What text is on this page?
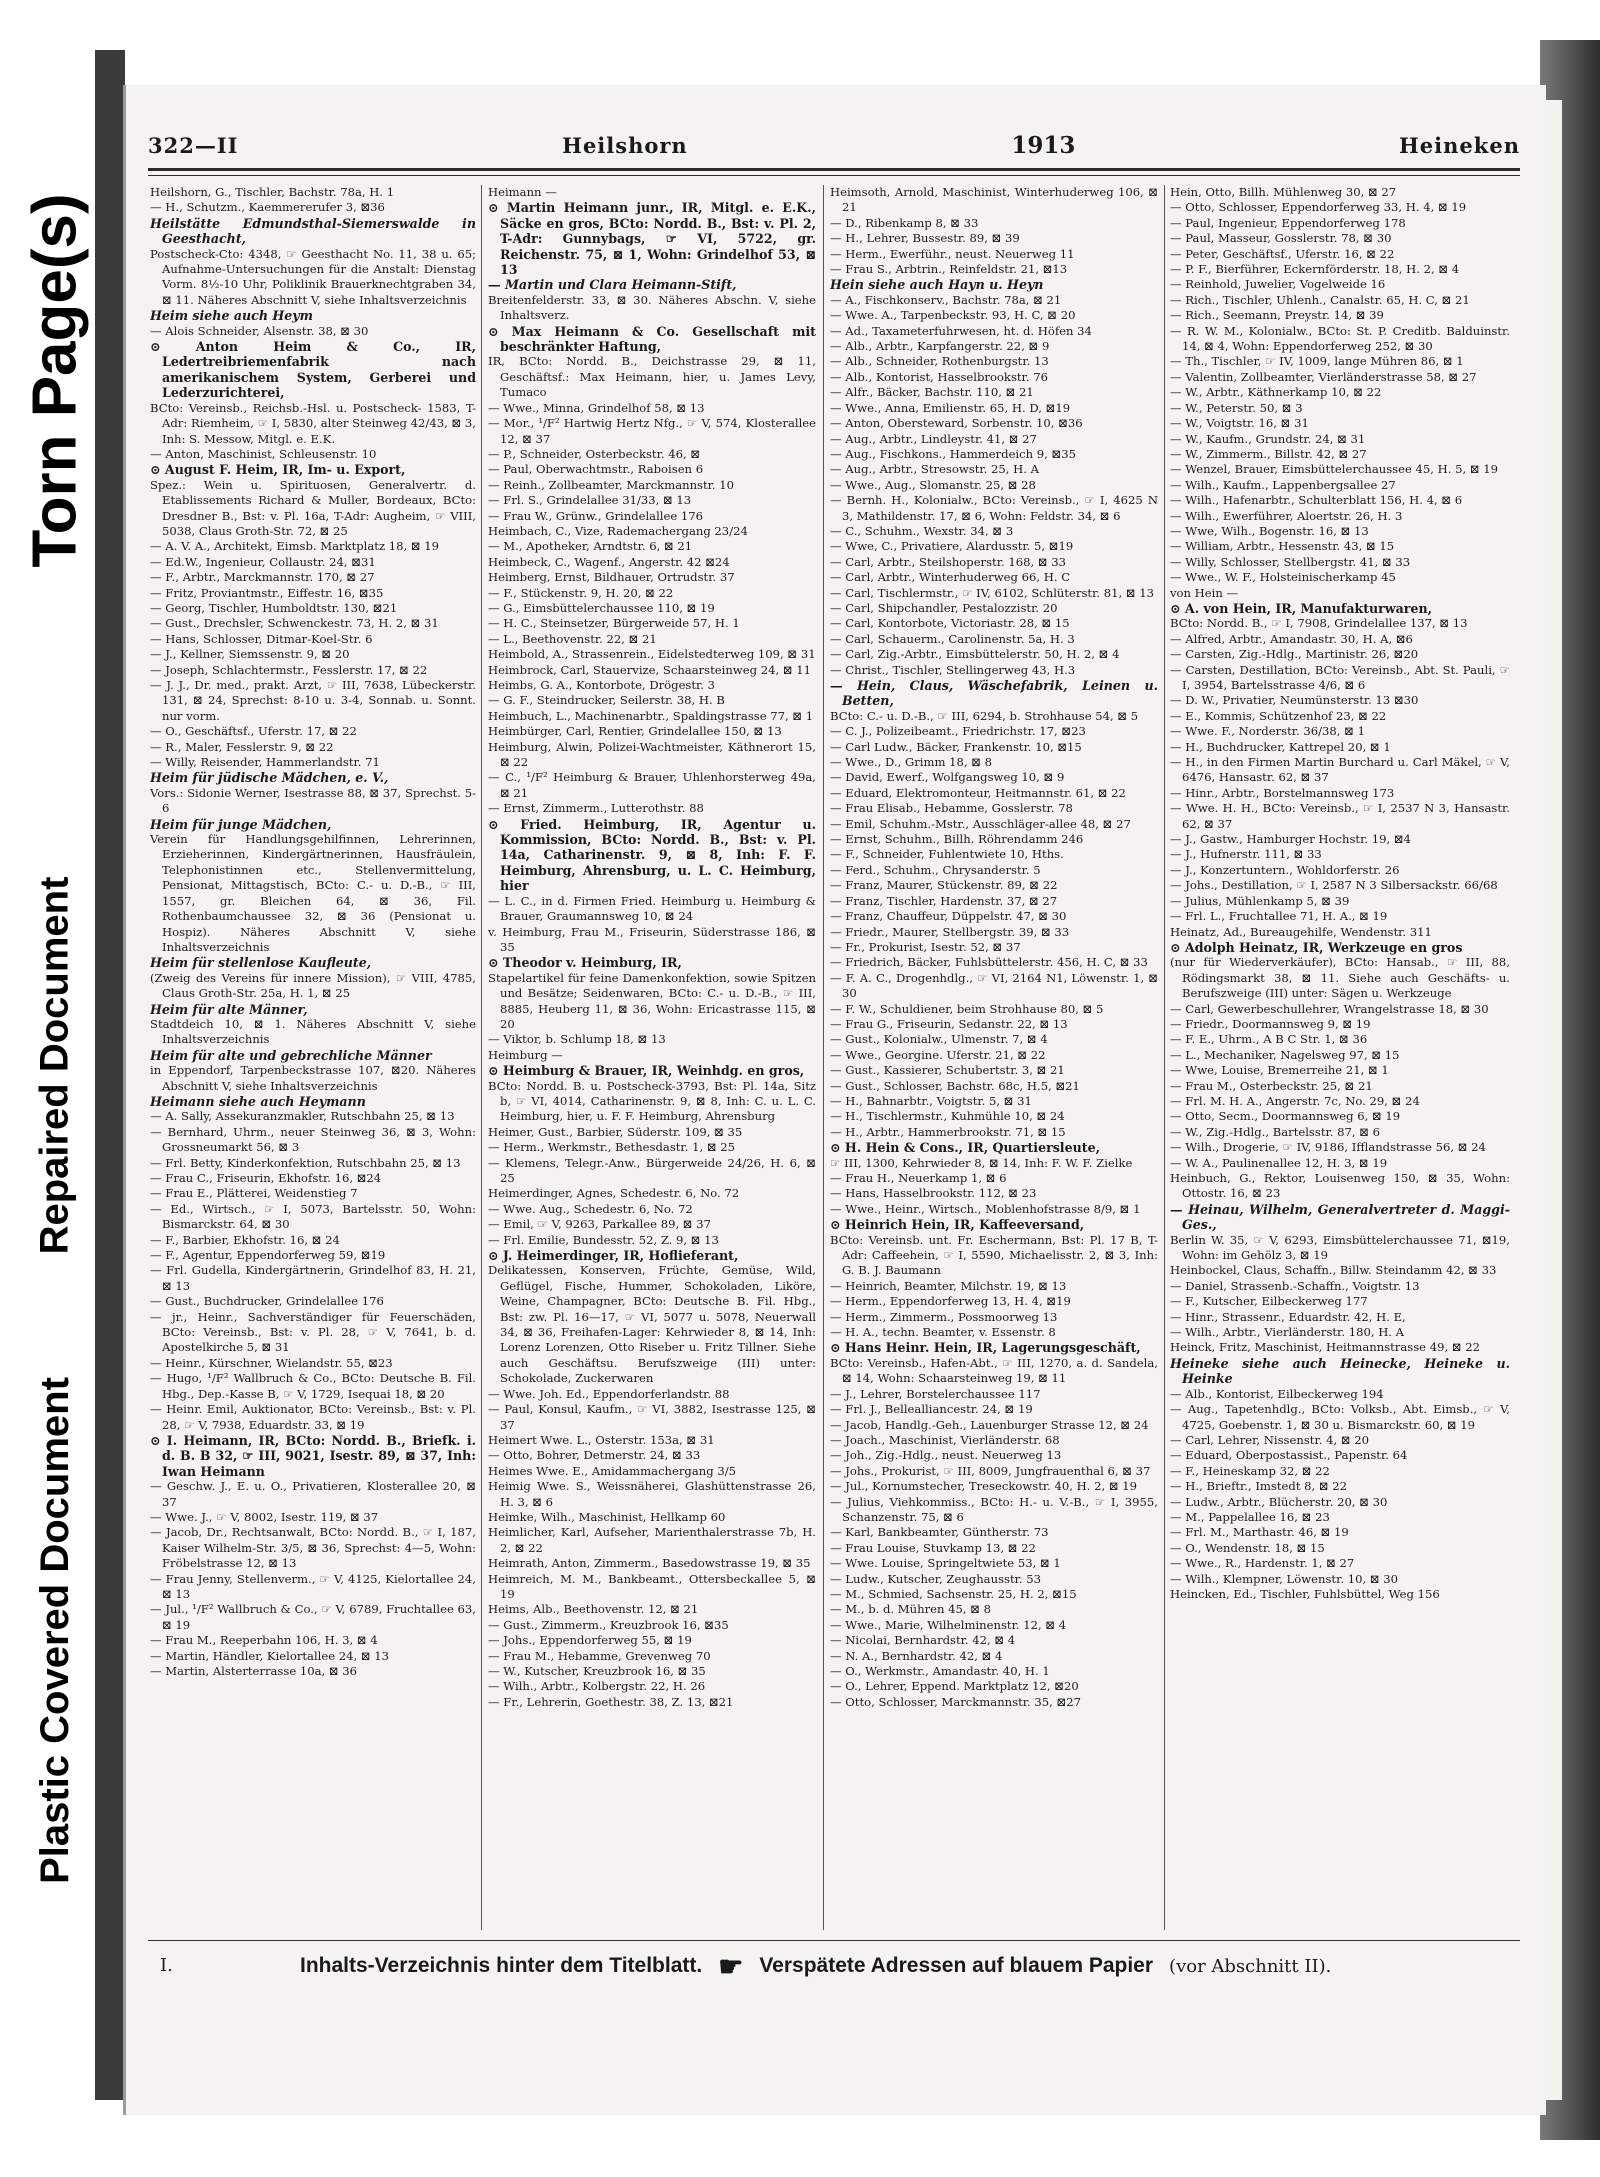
Plastic Covered Document
Repaired Document
Torn Page(s)
322—II	Heilshorn	1913	Heineken

Heilshorn, G., Tischler, Bachstr. 78a, H. 1

— H., Schutzm., Kaemmererufer 3, ⊠36

Heilstätte Edmundsthal-Siemerswalde in Geesthacht,

Postscheck-Cto: 4348, ☞ Geesthacht No. 11, 38 u. 65; Aufnahme-Untersuchungen für die Anstalt: Dienstag Vorm. 8½-10 Uhr, Poliklinik Brauerknechtgraben 34, ⊠ 11. Näheres Abschnitt V, siehe Inhaltsverzeichnis

Heim siehe auch Heym

— Alois Schneider, Alsenstr. 38, ⊠ 30

⊙ Anton Heim & Co., IR, Ledertreibriemenfabrik nach amerikanischem System, Gerberei und Lederzurichterei,

BCto: Vereinsb., Reichsb.-Hsl. u. Postscheck- 1583, T-Adr: Riemheim, ☞ I, 5830, alter Steinweg 42/43, ⊠ 3, Inh: S. Messow, Mitgl. e. E.K.

— Anton, Maschinist, Schleusenstr. 10

⊙ August F. Heim, IR, Im- u. Export,

Spez.: Wein u. Spirituosen, Generalvertr. d. Etablissements Richard & Muller, Bordeaux, BCto: Dresdner B., Bst: v. Pl. 16a, T-Adr: Augheim, ☞ VIII, 5038, Claus Groth-Str. 72, ⊠ 25

— A. V. A., Architekt, Eimsb. Marktplatz 18, ⊠ 19

— Ed.W., Ingenieur, Collaustr. 24, ⊠31

— F., Arbtr., Marckmannstr. 170, ⊠ 27

— Fritz, Proviantmstr., Eiffestr. 16, ⊠35

— Georg, Tischler, Humboldtstr. 130, ⊠21

— Gust., Drechsler, Schwenckestr. 73, H. 2, ⊠ 31

— Hans, Schlosser, Ditmar-Koel-Str. 6

— J., Kellner, Siemssenstr. 9, ⊠ 20

— Joseph, Schlachtermstr., Fesslerstr. 17, ⊠ 22

— J. J., Dr. med., prakt. Arzt, ☞ III, 7638, Lübeckerstr. 131, ⊠ 24, Sprechst: 8-10 u. 3-4, Sonnab. u. Sonnt. nur vorm.

— O., Geschäftsf., Uferstr. 17, ⊠ 22

— R., Maler, Fesslerstr. 9, ⊠ 22

— Willy, Reisender, Hammerlandstr. 71

Heim für jüdische Mädchen, e. V.,

Vors.: Sidonie Werner, Isestrasse 88, ⊠ 37, Sprechst. 5-6

Heim für junge Mädchen,

Verein für Handlungsgehilfinnen, Lehrerinnen, Erzieherinnen, Kindergärtnerinnen, Hausfräulein, Telephonistinnen etc., Stellenvermittelung, Pensionat, Mittagstisch, BCto: C.- u. D.-B., ☞ III, 1557, gr. Bleichen 64, ⊠ 36, Fil. Rothenbaumchaussee 32, ⊠ 36 (Pensionat u. Hospiz). Näheres Abschnitt V, siehe Inhaltsverzeichnis

Heim für stellenlose Kaufleute,

(Zweig des Vereins für innere Mission), ☞ VIII, 4785, Claus Groth-Str. 25a, H. 1, ⊠ 25

Heim für alte Männer,

Stadtdeich 10, ⊠ 1. Näheres Abschnitt V, siehe Inhaltsverzeichnis

Heim für alte und gebrechliche Männer

in Eppendorf, Tarpenbeckstrasse 107, ⊠20. Näheres Abschnitt V, siehe Inhaltsverzeichnis

Heimann siehe auch Heymann

— A. Sally, Assekuranzmakler, Rutschbahn 25, ⊠ 13

— Bernhard, Uhrm., neuer Steinweg 36, ⊠ 3, Wohn: Grossneumarkt 56, ⊠ 3

— Frl. Betty, Kinderkonfektion, Rutschbahn 25, ⊠ 13

— Frau C., Friseurin, Ekhofstr. 16, ⊠24

— Frau E., Plätterei, Weidenstieg 7

— Ed., Wirtsch., ☞ I, 5073, Bartelsstr. 50, Wohn: Bismarckstr. 64, ⊠ 30

— F., Barbier, Ekhofstr. 16, ⊠ 24

— F., Agentur, Eppendorferweg 59, ⊠19

— Frl. Gudella, Kindergärtnerin, Grindelhof 83, H. 21, ⊠ 13

— Gust., Buchdrucker, Grindelallee 176

— jr., Heinr., Sachverständiger für Feuerschäden, BCto: Vereinsb., Bst: v. Pl. 28, ☞ V, 7641, b. d. Apostelkirche 5, ⊠ 31

— Heinr., Kürschner, Wielandstr. 55, ⊠23

— Hugo, ¹/F² Wallbruch & Co., BCto: Deutsche B. Fil. Hbg., Dep.-Kasse B, ☞ V, 1729, Isequai 18, ⊠ 20

— Heinr. Emil, Auktionator, BCto: Vereinsb., Bst: v. Pl. 28, ☞ V, 7938, Eduardstr. 33, ⊠ 19

⊙ I. Heimann, IR, BCto: Nordd. B., Briefk. i. d. B. B 32, ☞ III, 9021, Isestr. 89, ⊠ 37, Inh: Iwan Heimann

— Geschw. J., E. u. O., Privatieren, Klosterallee 20, ⊠ 37

— Wwe. J., ☞ V, 8002, Isestr. 119, ⊠ 37

— Jacob, Dr., Rechtsanwalt, BCto: Nordd. B., ☞ I, 187, Kaiser Wilhelm-Str. 3/5, ⊠ 36, Sprechst: 4—5, Wohn: Fröbelstrasse 12, ⊠ 13

— Frau Jenny, Stellenverm., ☞ V, 4125, Kielortallee 24, ⊠ 13

— Jul., ¹/F² Wallbruch & Co., ☞ V, 6789, Fruchtallee 63, ⊠ 19

— Frau M., Reeperbahn 106, H. 3, ⊠ 4

— Martin, Händler, Kielortallee 24, ⊠ 13

— Martin, Alsterterrasse 10a, ⊠ 36

Heimann —

⊙ Martin Heimann junr., IR, Mitgl. e. E.K., Säcke en gros, BCto: Nordd. B., Bst: v. Pl. 2, T-Adr: Gunnybags, ☞ VI, 5722, gr. Reichenstr. 75, ⊠ 1, Wohn: Grindelhof 53, ⊠ 13

— Martin und Clara Heimann-Stift,

Breitenfelderstr. 33, ⊠ 30. Näheres Abschn. V, siehe Inhaltsverz.

⊙ Max Heimann & Co. Gesellschaft mit beschränkter Haftung,

IR, BCto: Nordd. B., Deichstrasse 29, ⊠ 11, Geschäftsf.: Max Heimann, hier, u. James Levy, Tumaco

— Wwe., Minna, Grindelhof 58, ⊠ 13

— Mor., ¹/F² Hartwig Hertz Nfg., ☞ V, 574, Klosterallee 12, ⊠ 37

— P., Schneider, Osterbeckstr. 46, ⊠

— Paul, Oberwachtmstr., Raboisen 6

— Reinh., Zollbeamter, Marckmannstr. 10

— Frl. S., Grindelallee 31/33, ⊠ 13

— Frau W., Grünw., Grindelallee 176

Heimbach, C., Vize, Rademachergang 23/24

— M., Apotheker, Arndtstr. 6, ⊠ 21

Heimbeck, C., Wagenf., Angerstr. 42 ⊠24

Heimberg, Ernst, Bildhauer, Ortrudstr. 37

— F., Stückenstr. 9, H. 20, ⊠ 22

— G., Eimsbüttelerchaussee 110, ⊠ 19

— H. C., Steinsetzer, Bürgerweide 57, H. 1

— L., Beethovenstr. 22, ⊠ 21

Heimbold, A., Strassenrein., Eidelstedterweg 109, ⊠ 31

Heimbrock, Carl, Stauervize, Schaarsteinweg 24, ⊠ 11

Heimbs, G. A., Kontorbote, Drögestr. 3

— G. F., Steindrucker, Seilerstr. 38, H. B

Heimbuch, L., Machinenarbtr., Spaldingstrasse 77, ⊠ 1

Heimbürger, Carl, Rentier, Grindelallee 150, ⊠ 13

Heimburg, Alwin, Polizei-Wachtmeister, Käthnerort 15, ⊠ 22

— C., ¹/F² Heimburg & Brauer, Uhlenhorsterweg 49a, ⊠ 21

— Ernst, Zimmerm., Lutterothstr. 88

⊙ Fried. Heimburg, IR, Agentur u. Kommission, BCto: Nordd. B., Bst: v. Pl. 14a, Catharinenstr. 9, ⊠ 8, Inh: F. F. Heimburg, Ahrensburg, u. L. C. Heimburg, hier

— L. C., in d. Firmen Fried. Heimburg u. Heimburg & Brauer, Graumannsweg 10, ⊠ 24

v. Heimburg, Frau M., Friseurin, Süderstrasse 186, ⊠ 35

⊙ Theodor v. Heimburg, IR,

Stapelartikel für feine Damenkonfektion, sowie Spitzen und Besätze; Seidenwaren, BCto: C.- u. D.-B., ☞ III, 8885, Heuberg 11, ⊠ 36, Wohn: Ericastrasse 115, ⊠ 20

— Viktor, b. Schlump 18, ⊠ 13

Heimburg —

⊙ Heimburg & Brauer, IR, Weinhdg. en gros,

BCto: Nordd. B. u. Postscheck-3793, Bst: Pl. 14a, Sitz b, ☞ VI, 4014, Catharinenstr. 9, ⊠ 8, Inh: C. u. L. C. Heimburg, hier, u. F. F. Heimburg, Ahrensburg

Heimer, Gust., Barbier, Süderstr. 109, ⊠ 35

— Herm., Werkmstr., Bethesdastr. 1, ⊠ 25

— Klemens, Telegr.-Anw., Bürgerweide 24/26, H. 6, ⊠ 25

Heimerdinger, Agnes, Schedestr. 6, No. 72

— Wwe. Aug., Schedestr. 6, No. 72

— Emil, ☞ V, 9263, Parkallee 89, ⊠ 37

— Frl. Emilie, Bundesstr. 52, Z. 9, ⊠ 13

⊙ J. Heimerdinger, IR, Hoflieferant,

Delikatessen, Konserven, Früchte, Gemüse, Wild, Geflügel, Fische, Hummer, Schokoladen, Liköre, Weine, Champagner, BCto: Deutsche B. Fil. Hbg., Bst: zw. Pl. 16—17, ☞ VI, 5077 u. 5078, Neuerwall 34, ⊠ 36, Freihafen-Lager: Kehrwieder 8, ⊠ 14, Inh: Lorenz Lorenzen, Otto Riseber u. Fritz Tillner. Siehe auch Geschäftsu. Berufszweige (III) unter: Schokolade, Zuckerwaren

— Wwe. Joh. Ed., Eppendorferlandstr. 88

— Paul, Konsul, Kaufm., ☞ VI, 3882, Isestrasse 125, ⊠ 37

Heimert Wwe. L., Osterstr. 153a, ⊠ 31

— Otto, Bohrer, Detmerstr. 24, ⊠ 33

Heimes Wwe. E., Amidammachergang 3/5

Heimig Wwe. S., Weissnäherei, Glashüttenstrasse 26, H. 3, ⊠ 6

Heimke, Wilh., Maschinist, Hellkamp 60

Heimlicher, Karl, Aufseher, Marienthalerstrasse 7b, H. 2, ⊠ 22

Heimrath, Anton, Zimmerm., Basedowstrasse 19, ⊠ 35

Heimreich, M. M., Bankbeamt., Ottersbeckallee 5, ⊠ 19

Heims, Alb., Beethovenstr. 12, ⊠ 21

— Gust., Zimmerm., Kreuzbrook 16, ⊠35

— Johs., Eppendorferweg 55, ⊠ 19

— Frau M., Hebamme, Grevenweg 70

— W., Kutscher, Kreuzbrook 16, ⊠ 35

— Wilh., Arbtr., Kolbergstr. 22, H. 26

— Fr., Lehrerin, Goethestr. 38, Z. 13, ⊠21

Heimsoth, Arnold, Maschinist, Winterhuderweg 106, ⊠ 21

— D., Ribenkamp 8, ⊠ 33

— H., Lehrer, Bussestr. 89, ⊠ 39

— Herm., Ewerführ., neust. Neuerweg 11

— Frau S., Arbtrin., Reinfeldstr. 21, ⊠13

Hein siehe auch Hayn u. Heyn

— A., Fischkonserv., Bachstr. 78a, ⊠ 21

— Wwe. A., Tarpenbeckstr. 93, H. C, ⊠ 20

— Ad., Taxameterfuhrwesen, ht. d. Höfen 34

— Alb., Arbtr., Karpfangerstr. 22, ⊠ 9

— Alb., Schneider, Rothenburgstr. 13

— Alb., Kontorist, Hasselbrookstr. 76

— Alfr., Bäcker, Bachstr. 110, ⊠ 21

— Wwe., Anna, Emilienstr. 65, H. D, ⊠19

— Anton, Obersteward, Sorbenstr. 10, ⊠36

— Aug., Arbtr., Lindleystr. 41, ⊠ 27

— Aug., Fischkons., Hammerdeich 9, ⊠35

— Aug., Arbtr., Stresowstr. 25, H. A

— Wwe., Aug., Slomanstr. 25, ⊠ 28

— Bernh. H., Kolonialw., BCto: Vereinsb., ☞ I, 4625 N 3, Mathildenstr. 17, ⊠ 6, Wohn: Feldstr. 34, ⊠ 6

— C., Schuhm., Wexstr. 34, ⊠ 3

— Wwe, C., Privatiere, Alardusstr. 5, ⊠19

— Carl, Arbtr., Steilshoperstr. 168, ⊠ 33

— Carl, Arbtr., Winterhuderweg 66, H. C

— Carl, Tischlermstr., ☞ IV, 6102, Schlüterstr. 81, ⊠ 13

— Carl, Shipchandler, Pestalozzistr. 20

— Carl, Kontorbote, Victoriastr. 28, ⊠ 15

— Carl, Schauerm., Carolinenstr. 5a, H. 3

— Carl, Zig.-Arbtr., Eimsbüttelerstr. 50, H. 2, ⊠ 4

— Christ., Tischler, Stellingerweg 43, H.3

— Hein, Claus, Wäschefabrik, Leinen u. Betten,

BCto: C.- u. D.-B., ☞ III, 6294, b. Strohhause 54, ⊠ 5

— C. J., Polizeibeamt., Friedrichstr. 17, ⊠23

— Carl Ludw., Bäcker, Frankenstr. 10, ⊠15

— Wwe., D., Grimm 18, ⊠ 8

— David, Ewerf., Wolfgangsweg 10, ⊠ 9

— Eduard, Elektromonteur, Heitmannstr. 61, ⊠ 22

— Frau Elisab., Hebamme, Gosslerstr. 78

— Emil, Schuhm.-Mstr., Ausschläger-allee 48, ⊠ 27

— Ernst, Schuhm., Billh. Röhrendamm 246

— F., Schneider, Fuhlentwiete 10, Hths.

— Ferd., Schuhm., Chrysanderstr. 5

— Franz, Maurer, Stückenstr. 89, ⊠ 22

— Franz, Tischler, Hardenstr. 37, ⊠ 27

— Franz, Chauffeur, Düppelstr. 47, ⊠ 30

— Friedr., Maurer, Stellbergstr. 39, ⊠ 33

— Fr., Prokurist, Isestr. 52, ⊠ 37

— Friedrich, Bäcker, Fuhlsbüttelerstr. 456, H. C, ⊠ 33

— F. A. C., Drogenhdlg., ☞ VI, 2164 N1, Löwenstr. 1, ⊠ 30

— F. W., Schuldiener, beim Strohhause 80, ⊠ 5

— Frau G., Friseurin, Sedanstr. 22, ⊠ 13

— Gust., Kolonialw., Ulmenstr. 7, ⊠ 4

— Wwe., Georgine. Uferstr. 21, ⊠ 22

— Gust., Kassierer, Schubertstr. 3, ⊠ 21

— Gust., Schlosser, Bachstr. 68c, H.5, ⊠21

— H., Bahnarbtr., Voigtstr. 5, ⊠ 31

— H., Tischlermstr., Kuhmühle 10, ⊠ 24

— H., Arbtr., Hammerbrookstr. 71, ⊠ 15

⊙ H. Hein & Cons., IR, Quartiersleute,

☞ III, 1300, Kehrwieder 8, ⊠ 14, Inh: F. W. F. Zielke

— Frau H., Neuerkamp 1, ⊠ 6

— Hans, Hasselbrookstr. 112, ⊠ 23

— Wwe., Heinr., Wirtsch., Moblenhofstrasse 8/9, ⊠ 1

⊙ Heinrich Hein, IR, Kaffeeversand,

BCto: Vereinsb. unt. Fr. Eschermann, Bst: Pl. 17 B, T-Adr: Caffeehein, ☞ I, 5590, Michaelisstr. 2, ⊠ 3, Inh: G. B. J. Baumann

— Heinrich, Beamter, Milchstr. 19, ⊠ 13

— Herm., Eppendorferweg 13, H. 4, ⊠19

— Herm., Zimmerm., Possmoorweg 13

— H. A., techn. Beamter, v. Essenstr. 8

⊙ Hans Heinr. Hein, IR, Lagerungsgeschäft,

BCto: Vereinsb., Hafen-Abt., ☞ III, 1270, a. d. Sandela, ⊠ 14, Wohn: Schaarsteinweg 19, ⊠ 11

— J., Lehrer, Borstelerchaussee 117

— Frl. J., Bellealliancestr. 24, ⊠ 19

— Jacob, Handlg.-Geh., Lauenburger Strasse 12, ⊠ 24

— Joach., Maschinist, Vierländerstr. 68

— Joh., Zig.-Hdlg., neust. Neuerweg 13

— Johs., Prokurist, ☞ III, 8009, Jungfrauenthal 6, ⊠ 37

— Jul., Kornumstecher, Treseckowstr. 40, H. 2, ⊠ 19

— Julius, Viehkommiss., BCto: H.- u. V.-B., ☞ I, 3955, Schanzenstr. 75, ⊠ 6

— Karl, Bankbeamter, Güntherstr. 73

— Frau Louise, Stuvkamp 13, ⊠ 22

— Wwe. Louise, Springeltwiete 53, ⊠ 1

— Ludw., Kutscher, Zeughausstr. 53

— M., Schmied, Sachsenstr. 25, H. 2, ⊠15

— M., b. d. Mühren 45, ⊠ 8

— Wwe., Marie, Wilhelminenstr. 12, ⊠ 4

— Nicolai, Bernhardstr. 42, ⊠ 4

— N. A., Bernhardstr. 42, ⊠ 4

— O., Werkmstr., Amandastr. 40, H. 1

— O., Lehrer, Eppend. Marktplatz 12, ⊠20

— Otto, Schlosser, Marckmannstr. 35, ⊠27

Hein, Otto, Billh. Mühlenweg 30, ⊠ 27

— Otto, Schlosser, Eppendorferweg 33, H. 4, ⊠ 19

— Paul, Ingenieur, Eppendorferweg 178

— Paul, Masseur, Gosslerstr. 78, ⊠ 30

— Peter, Geschäftsf., Uferstr. 16, ⊠ 22

— P. F., Bierführer, Eckernförderstr. 18, H. 2, ⊠ 4

— Reinhold, Juwelier, Vogelweide 16

— Rich., Tischler, Uhlenh., Canalstr. 65, H. C, ⊠ 21

— Rich., Seemann, Preystr. 14, ⊠ 39

— R. W. M., Kolonialw., BCto: St. P. Creditb. Balduinstr. 14, ⊠ 4, Wohn: Eppendorferweg 252, ⊠ 30

— Th., Tischler, ☞ IV, 1009, lange Mühren 86, ⊠ 1

— Valentin, Zollbeamter, Vierländerstrasse 58, ⊠ 27

— W., Arbtr., Käthnerkamp 10, ⊠ 22

— W., Peterstr. 50, ⊠ 3

— W., Voigtstr. 16, ⊠ 31

— W., Kaufm., Grundstr. 24, ⊠ 31

— W., Zimmerm., Billstr. 42, ⊠ 27

— Wenzel, Brauer, Eimsbüttelerchaussee 45, H. 5, ⊠ 19

— Wilh., Kaufm., Lappenbergsallee 27

— Wilh., Hafenarbtr., Schulterblatt 156, H. 4, ⊠ 6

— Wilh., Ewerführer, Aloertstr. 26, H. 3

— Wwe, Wilh., Bogenstr. 16, ⊠ 13

— William, Arbtr., Hessenstr. 43, ⊠ 15

— Willy, Schlosser, Stellbergstr. 41, ⊠ 33

— Wwe., W. F., Holsteinischerkamp 45

von Hein —

⊙ A. von Hein, IR, Manufakturwaren,

BCto: Nordd. B., ☞ I, 7908, Grindelallee 137, ⊠ 13

— Alfred, Arbtr., Amandastr. 30, H. A, ⊠6

— Carsten, Zig.-Hdlg., Martinistr. 26, ⊠20

— Carsten, Destillation, BCto: Vereinsb., Abt. St. Pauli, ☞ I, 3954, Bartelsstrasse 4/6, ⊠ 6

— D. W., Privatier, Neumünsterstr. 13 ⊠30

— E., Kommis, Schützenhof 23, ⊠ 22

— Wwe. F., Norderstr. 36/38, ⊠ 1

— H., Buchdrucker, Kattrepel 20, ⊠ 1

— H., in den Firmen Martin Burchard u. Carl Mäkel, ☞ V, 6476, Hansastr. 62, ⊠ 37

— Hinr., Arbtr., Borstelmannsweg 173

— Wwe. H. H., BCto: Vereinsb., ☞ I, 2537 N 3, Hansastr. 62, ⊠ 37

— J., Gastw., Hamburger Hochstr. 19, ⊠4

— J., Hufnerstr. 111, ⊠ 33

— J., Konzertuntern., Wohldorferstr. 26

— Johs., Destillation, ☞ I, 2587 N 3 Silbersackstr. 66/68

— Julius, Mühlenkamp 5, ⊠ 39

— Frl. L., Fruchtallee 71, H. A., ⊠ 19

Heinatz, Ad., Bureaugehilfe, Wendenstr. 311

⊙ Adolph Heinatz, IR, Werkzeuge en gros

(nur für Wiederverkäufer), BCto: Hansab., ☞ III, 88, Rödingsmarkt 38, ⊠ 11. Siehe auch Geschäfts- u. Berufszweige (III) unter: Sägen u. Werkzeuge

— Carl, Gewerbeschullehrer, Wrangelstrasse 18, ⊠ 30

— Friedr., Doormannsweg 9, ⊠ 19

— F. E., Uhrm., A B C Str. 1, ⊠ 36

— L., Mechaniker, Nagelsweg 97, ⊠ 15

— Wwe, Louise, Bremerreihe 21, ⊠ 1

— Frau M., Osterbeckstr. 25, ⊠ 21

— Frl. M. H. A., Angerstr. 7c, No. 29, ⊠ 24

— Otto, Secm., Doormannsweg 6, ⊠ 19

— W., Zig.-Hdlg., Bartelsstr. 87, ⊠ 6

— Wilh., Drogerie, ☞ IV, 9186, Ifflandstrasse 56, ⊠ 24

— W. A., Paulinenallee 12, H. 3, ⊠ 19

Heinbuch, G., Rektor, Louisenweg 150, ⊠ 35, Wohn: Ottostr. 16, ⊠ 23

— Heinau, Wilhelm, Generalvertreter d. Maggi-Ges.,

Berlin W. 35, ☞ V, 6293, Eimsbüttelerchaussee 71, ⊠19, Wohn: im Gehölz 3, ⊠ 19

Heinbockel, Claus, Schaffn., Billw. Steindamm 42, ⊠ 33

— Daniel, Strassenb.-Schaffn., Voigtstr. 13

— F., Kutscher, Eilbeckerweg 177

— Hinr., Strassenr., Eduardstr. 42, H. E,

— Wilh., Arbtr., Vierländerstr. 180, H. A

Heinck, Fritz, Maschinist, Heitmannstrasse 49, ⊠ 22

Heineke siehe auch Heinecke, Heineke u. Heinke

— Alb., Kontorist, Eilbeckerweg 194

— Aug., Tapetenhdlg., BCto: Volksb., Abt. Eimsb., ☞ V, 4725, Goebenstr. 1, ⊠ 30 u. Bismarckstr. 60, ⊠ 19

— Carl, Lehrer, Nissenstr. 4, ⊠ 20

— Eduard, Oberpostassist., Papenstr. 64

— F., Heineskamp 32, ⊠ 22

— H., Brieftr., Imstedt 8, ⊠ 22

— Ludw., Arbtr., Blücherstr. 20, ⊠ 30

— M., Pappelallee 16, ⊠ 23

— Frl. M., Marthastr. 46, ⊠ 19

— O., Wendenstr. 18, ⊠ 15

— Wwe., R., Hardenstr. 1, ⊠ 27

— Wilh., Klempner, Löwenstr. 10, ⊠ 30

Heincken, Ed., Tischler, Fuhlsbüttel, Weg 156

I.	Inhalts-Verzeichnis hinter dem Titelblatt. ☛ Verspätete Adressen auf blauem Papier (vor Abschnitt II).
